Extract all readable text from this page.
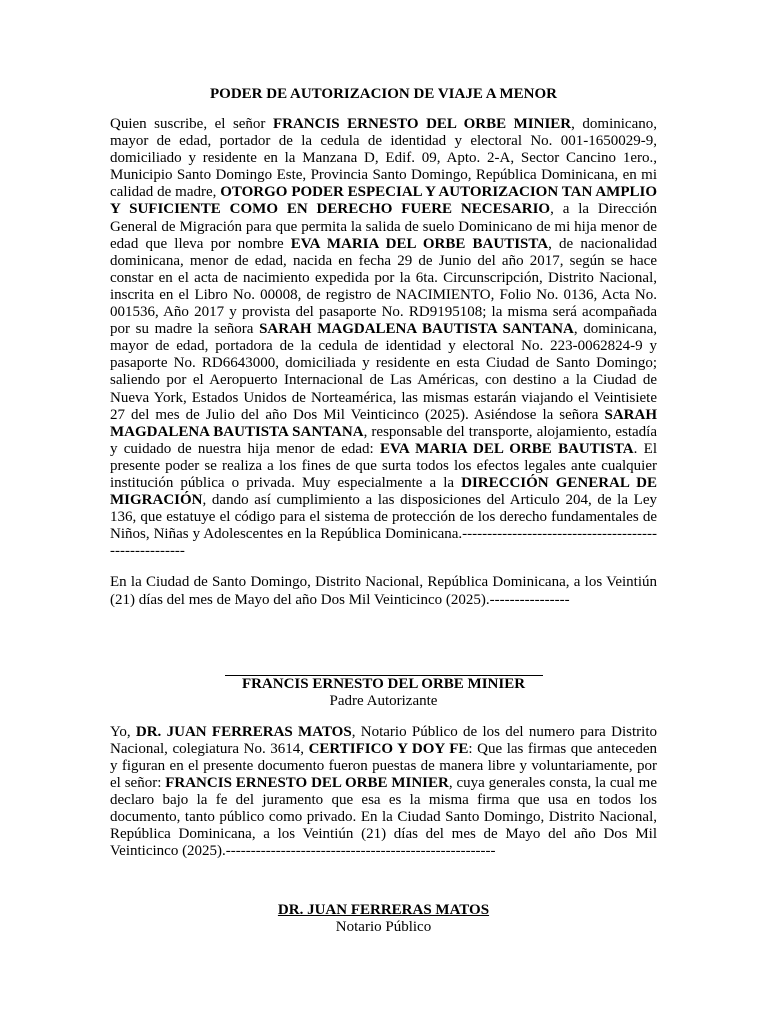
PODER DE AUTORIZACION DE VIAJE A MENOR

Quien suscribe, el señor FRANCIS ERNESTO DEL ORBE MINIER, dominicano, mayor de edad, portador de la cedula de identidad y electoral No. 001-1650029-9, domiciliado y residente en la Manzana D, Edif. 09, Apto. 2-A, Sector Cancino 1ero., Municipio Santo Domingo Este, Provincia Santo Domingo, República Dominicana, en mi calidad de madre, OTORGO PODER ESPECIAL Y AUTORIZACION TAN AMPLIO Y SUFICIENTE COMO EN DERECHO FUERE NECESARIO, a la Dirección General de Migración para que permita la salida de suelo Dominicano de mi hija menor de edad que lleva por nombre EVA MARIA DEL ORBE BAUTISTA, de nacionalidad dominicana, menor de edad, nacida en fecha 29 de Junio del año 2017, según se hace constar en el acta de nacimiento expedida por la 6ta. Circunscripción, Distrito Nacional, inscrita en el Libro No. 00008, de registro de NACIMIENTO, Folio No. 0136, Acta No. 001536, Año 2017 y provista del pasaporte No. RD9195108; la misma será acompañada por su madre la señora SARAH MAGDALENA BAUTISTA SANTANA, dominicana, mayor de edad, portadora de la cedula de identidad y electoral No. 223-0062824-9 y pasaporte No. RD6643000, domiciliada y residente en esta Ciudad de Santo Domingo; saliendo por el Aeropuerto Internacional de Las Américas, con destino a la Ciudad de Nueva York, Estados Unidos de Norteamérica, las mismas estarán viajando el Veintisiete 27 del mes de Julio del año Dos Mil Veinticinco (2025). Asiéndose la señora SARAH MAGDALENA BAUTISTA SANTANA, responsable del transporte, alojamiento, estadía y cuidado de nuestra hija menor de edad: EVA MARIA DEL ORBE BAUTISTA. El presente poder se realiza a los fines de que surta todos los efectos legales ante cualquier institución pública o privada. Muy especialmente a la DIRECCIÓN GENERAL DE MIGRACIÓN, dando así cumplimiento a las disposiciones del Articulo 204, de la Ley 136, que estatuye el código para el sistema de protección de los derecho fundamentales de Niños, Niñas y Adolescentes en la República Dominicana.------------------------------------------------------

En la Ciudad de Santo Domingo, Distrito Nacional, República Dominicana, a los Veintiún (21) días del mes de Mayo del año Dos Mil Veinticinco (2025).----------------

FRANCIS ERNESTO DEL ORBE MINIER
Padre Autorizante

Yo, DR. JUAN FERRERAS MATOS, Notario Público de los del numero para Distrito Nacional, colegiatura No. 3614, CERTIFICO Y DOY FE: Que las firmas que anteceden y figuran en el presente documento fueron puestas de manera libre y voluntariamente, por el señor: FRANCIS ERNESTO DEL ORBE MINIER, cuya generales consta, la cual me declaro bajo la fe del juramento que esa es la misma firma que usa en todos los documento, tanto público como privado. En la Ciudad Santo Domingo, Distrito Nacional, República Dominicana, a los Veintiún (21) días del mes de Mayo del año Dos Mil Veinticinco (2025).------------------------------------------------------

DR. JUAN FERRERAS MATOS
Notario Público
